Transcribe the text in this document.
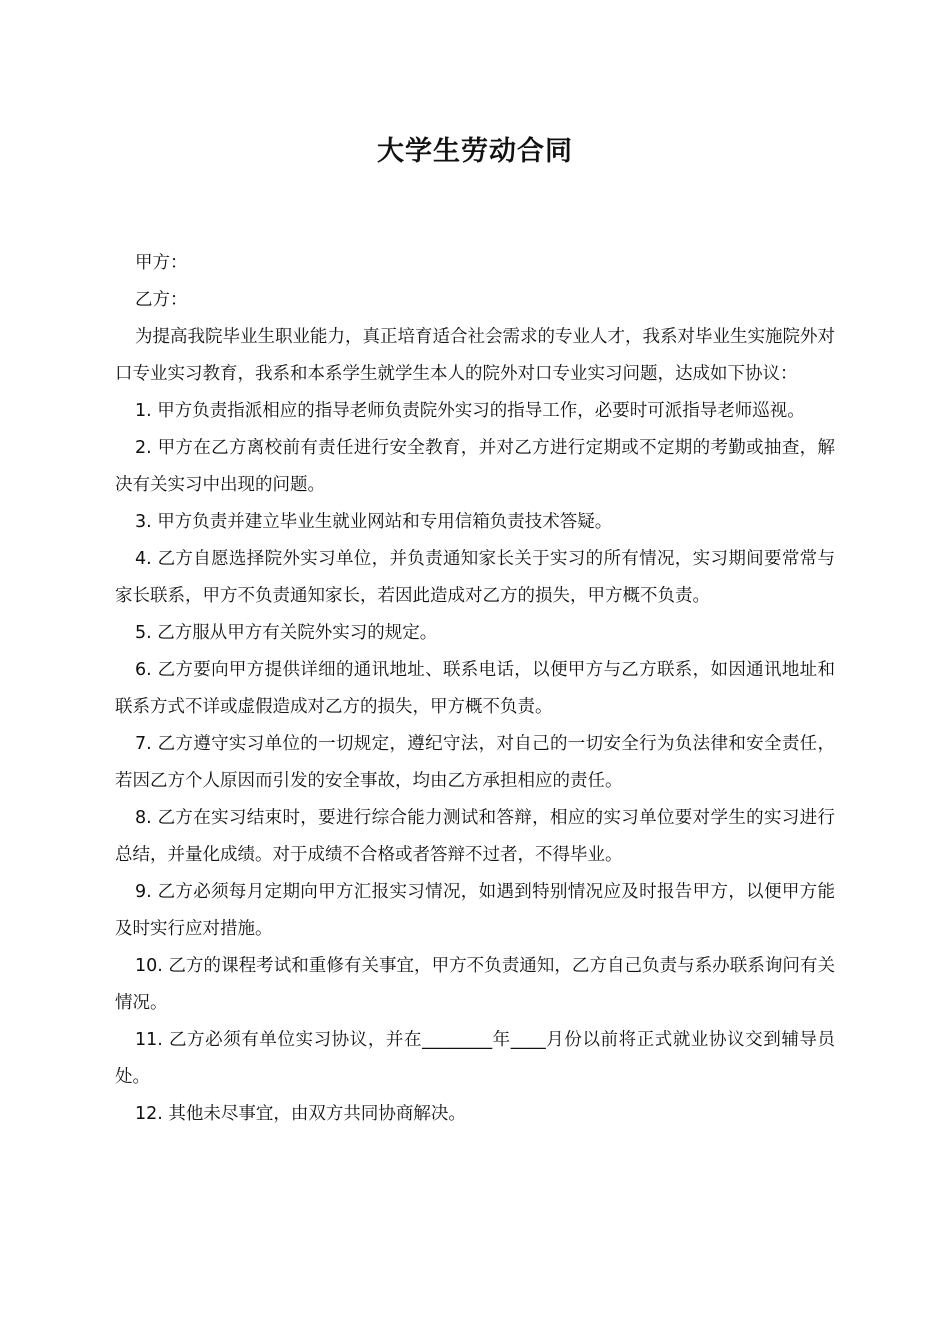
大学生劳动合同

甲方：

乙方：

为提高我院毕业生职业能力，真正培育适合社会需求的专业人才，我系对毕业生实施院外对口专业实习教育，我系和本系学生就学生本人的院外对口专业实习问题，达成如下协议：

1. 甲方负责指派相应的指导老师负责院外实习的指导工作，必要时可派指导老师巡视。

2. 甲方在乙方离校前有责任进行安全教育，并对乙方进行定期或不定期的考勤或抽查，解决有关实习中出现的问题。

3. 甲方负责并建立毕业生就业网站和专用信箱负责技术答疑。

4. 乙方自愿选择院外实习单位，并负责通知家长关于实习的所有情况，实习期间要常常与家长联系，甲方不负责通知家长，若因此造成对乙方的损失，甲方概不负责。

5. 乙方服从甲方有关院外实习的规定。

6. 乙方要向甲方提供详细的通讯地址、联系电话，以便甲方与乙方联系，如因通讯地址和联系方式不详或虚假造成对乙方的损失，甲方概不负责。

7. 乙方遵守实习单位的一切规定，遵纪守法，对自己的一切安全行为负法律和安全责任，若因乙方个人原因而引发的安全事故，均由乙方承担相应的责任。

8. 乙方在实习结束时，要进行综合能力测试和答辩，相应的实习单位要对学生的实习进行总结，并量化成绩。对于成绩不合格或者答辩不过者，不得毕业。

9. 乙方必须每月定期向甲方汇报实习情况，如遇到特别情况应及时报告甲方，以便甲方能及时实行应对措施。

10. 乙方的课程考试和重修有关事宜，甲方不负责通知，乙方自己负责与系办联系询问有关情况。

11. 乙方必须有单位实习协议，并在________年____月份以前将正式就业协议交到辅导员处。

12. 其他未尽事宜，由双方共同协商解决。
